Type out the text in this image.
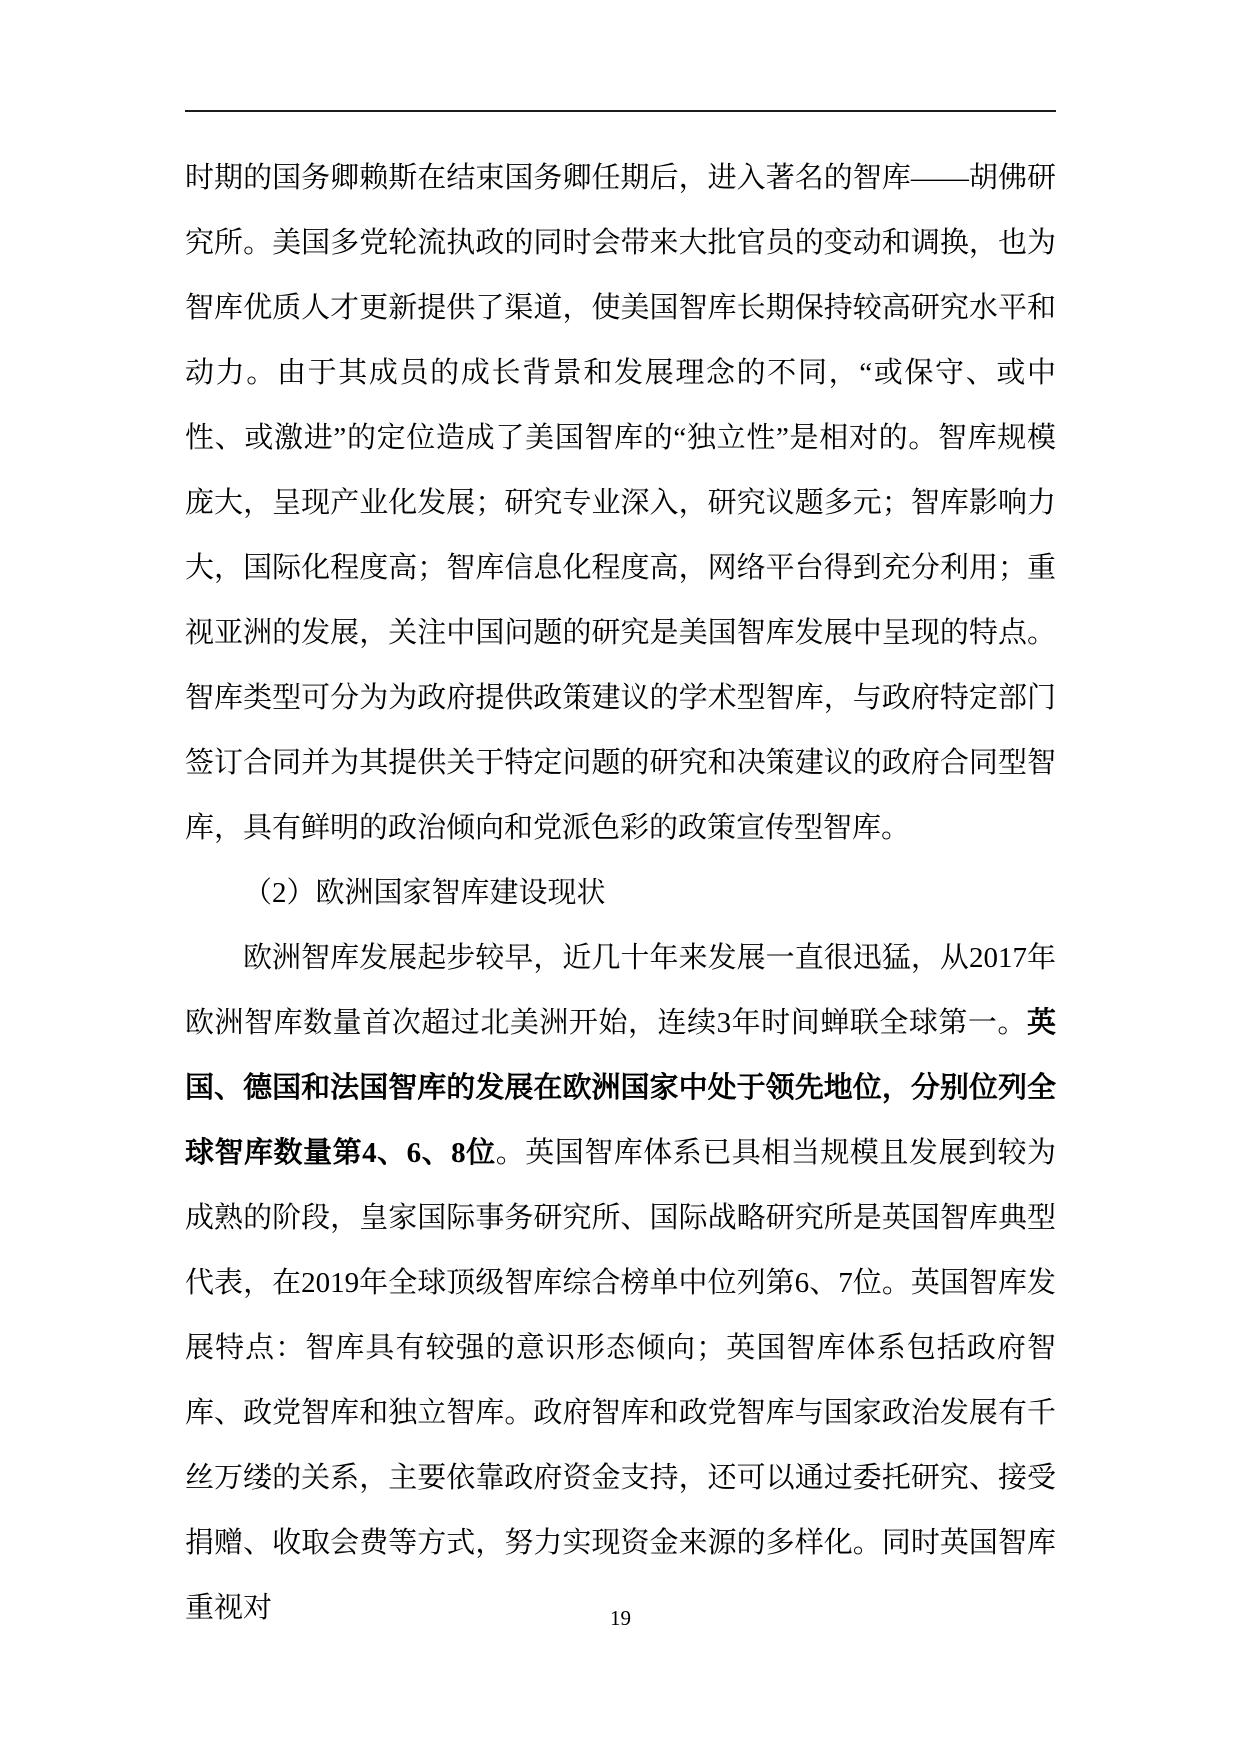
时期的国务卿赖斯在结束国务卿任期后，进入著名的智库——胡佛研究所。美国多党轮流执政的同时会带来大批官员的变动和调换，也为智库优质人才更新提供了渠道，使美国智库长期保持较高研究水平和动力。由于其成员的成长背景和发展理念的不同，“或保守、或中性、或激进”的定位造成了美国智库的“独立性”是相对的。智库规模庞大，呈现产业化发展；研究专业深入，研究议题多元；智库影响力大，国际化程度高；智库信息化程度高，网络平台得到充分利用；重视亚洲的发展，关注中国问题的研究是美国智库发展中呈现的特点。智库类型可分为为政府提供政策建议的学术型智库，与政府特定部门签订合同并为其提供关于特定问题的研究和决策建议的政府合同型智库，具有鲜明的政治倾向和党派色彩的政策宣传型智库。

（2）欧洲国家智库建设现状

欧洲智库发展起步较早，近几十年来发展一直很迅猛，从2017年欧洲智库数量首次超过北美洲开始，连续3年时间蝉联全球第一。英国、德国和法国智库的发展在欧洲国家中处于领先地位，分别位列全球智库数量第4、6、8位。英国智库体系已具相当规模且发展到较为成熟的阶段，皇家国际事务研究所、国际战略研究所是英国智库典型代表，在2019年全球顶级智库综合榜单中位列第6、7位。英国智库发展特点：智库具有较强的意识形态倾向；英国智库体系包括政府智库、政党智库和独立智库。政府智库和政党智库与国家政治发展有千丝万缕的关系，主要依靠政府资金支持，还可以通过委托研究、接受捐赠、收取会费等方式，努力实现资金来源的多样化。同时英国智库重视对	19
